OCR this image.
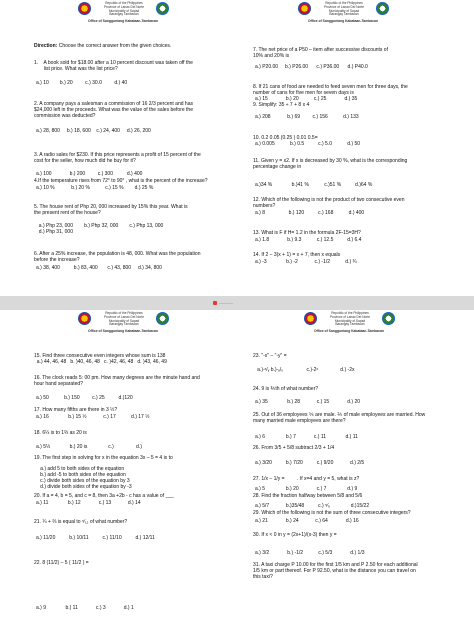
Republic of the Philippines
Province of Lanao Del Norte
Municipality of Sapad
Barangay Tambacan
Office of Sangguniang Kabataan-Tambacan
Republic of the Philippines
Province of Lanao Del Norte
Municipality of Sapad
Barangay Tambacan
Office of Sangguniang Kabataan-Tambacan
Direction: Choose the correct answer from the given choices.
1.    A book sold for $18.00 after a 10 percent discount was taken off the
list price. What was the list price?
a.) 10        b.) 20         c.) 30.0         d.) 40
2. A company pays a salesman a commission of 16 2/3 percent and has
$24,000 left in the proceeds. What was the value of the sales before the
commission was deducted?
a.) 28, 800     b.) 18, 600    c.) 24, 400     d.) 26, 200
3. A radio sales for $230. If this price represents a profit of 15 percent of the
cost for the seller, how much did he buy for it?
a.) 100             b.) 200         c.) 300          d.) 400
4.If the temperature rises from 72° to 90° , what is the percent of the increase?
a.) 10 %            b.) 20 %           c.) 15 %        d.) 25 %
5. The house rent of Php 20, 000 increased by 15% this year. What is
the present rent of the house?
a.) Php 23, 000        b.) Php 32, 000        c.) Php 13, 000
d.) Php 31, 000
6. After a 25% increase, the population is 48, 000. What was the population
before the increase?
a.) 38, 400          b.) 83, 400       c.) 43, 800     d.) 34, 800
7. The net price of a P50 – item after successive discounts of
10% and 20% is
a.) P20.00     b.) P26.00      c.) P36.00      d.) P40.0
8. If 21 cans of food are needed to feed seven men for three days, the
number of cans for five men for seven days is
a.) 15             b.) 20           c.) 25             d.) 35
9. Simplify: 35 ÷ 7 + 8 x 4
a.) 208            b.) 69         c.) 156           d.) 133
10. 0.2 0.05 (0.25 ) 0.01 0.5=
a.) 0.005           b.) 0.5          c.) 5.0           d.) 50
11. Given y = x2. If x is decreased by 30 %, what is the corresponding
percentage change in
a.)34 %              b.)41 %           c.)51 %          d.)64 %
12. Which of the following is not the product of two consecutive even
numbers?
a.) 8                 b.) 120          c.) 168           d.) 400
13. What is F if H= 1.2 in the formula 2F-15=3H?
a.) 1.8             b.) 9.3           c.) 12.5          d.) 6.4
14. If 2 – 3(x + 1) = x + 7, then x equals
a.) -3              b.) -2            c.) -1/2           d.) ¾
Republic of the Philippines
Province of Lanao Del Norte
Municipality of Sapad
Barangay Tambacan
Office of Sangguniang Kabataan-Tambacan
Republic of the Philippines
Province of Lanao Del Norte
Municipality of Sapad
Barangay Tambacan
Office of Sangguniang Kabataan-Tambacan
15. Find three consecutive even integers whose sum is 138
a.) 44, 46, 48   b. )40, 46, 48   c. )42, 46, 48   d. )43, 46, 49
16. The clock reads 5: 00 pm. How many degrees are the minute hand and
hour hand separated?
a.) 50           b.) 150         c.) 25          d.)120
17. How many fifths are there in 3 ½?
a.) 16              b.) 15 ½            c.) 17           d.) 17 ½
18. 6¼ is to 1⅔ as 20 is
a.) 5⅓              b.) 20 is               c.)                d.)
19. The first step in solving for x in the equation 3x – 5 = 4 is to
a.) add 5 to both sides of the equation
b.) add -5 to both sides of the equation
c.) divide both sides of the equation by 3
d.) divide both sides of the equation by -3
20. If a = 4, b = 5, and c = 8, then 3a +2b - c has a value of ___
a.) 11              b.) 12             c.) 13            d.) 14
21. ¼ + ⅔ is equal to ⁵⁄₁₂ of what number?
a.) 11/20          b.) 10/11          c.) 11/10          d.) 12/11
22. 8 (11/2) – 5 ( 11/2 ) =
a.) 9              b.) 11             c.) 3             d.) 1
23. "-x" – "-y" =
a.)-ˣ/ᵧ b.)-ᵧ/ₓ                 c.)-2ˣ                d.) -2x
24. 9 is ⅗th of what number?
a.) 35              b.) 28            c.) 15             d.) 20
25. Out of 36 employees ⅚ are male. ⅖ of male employees are married. How
many married male employees are there?
a.) 6               b.) 7             c.) 11              d.) 11
26. From 3/5 + 5/8 subtract 2/3 + 1/4
a.) 3/20          b.) 7/20          c.) 9/20            d.) 2/5
27. 1/x – 1/y =         . If x=4 and y = 5, what is z?
a.) 5               b.) 20             c.) 7               d.) 9
28. Find the fraction halfway between 5/8 and 5/6
a.) 5/7            b.)35/48          c.) ⁵⁄₉               d.)15/22
29. Which of the following is not the sum of three consecutive integers?
a.) 21             b.) 24            c.) 64             d.) 16
30. If x < 0 in y = (2x+1)/(x-3) then y =
a.) 3/2             b.) -1/2           c.) 5/3             d.) 1/3
31. A taxi charge P 10.00 for the first 1/5 km and P 2.50 for each additional
1/5 km or part thereof. For P 92.50, what is the distance you can travel on
this taxi?
